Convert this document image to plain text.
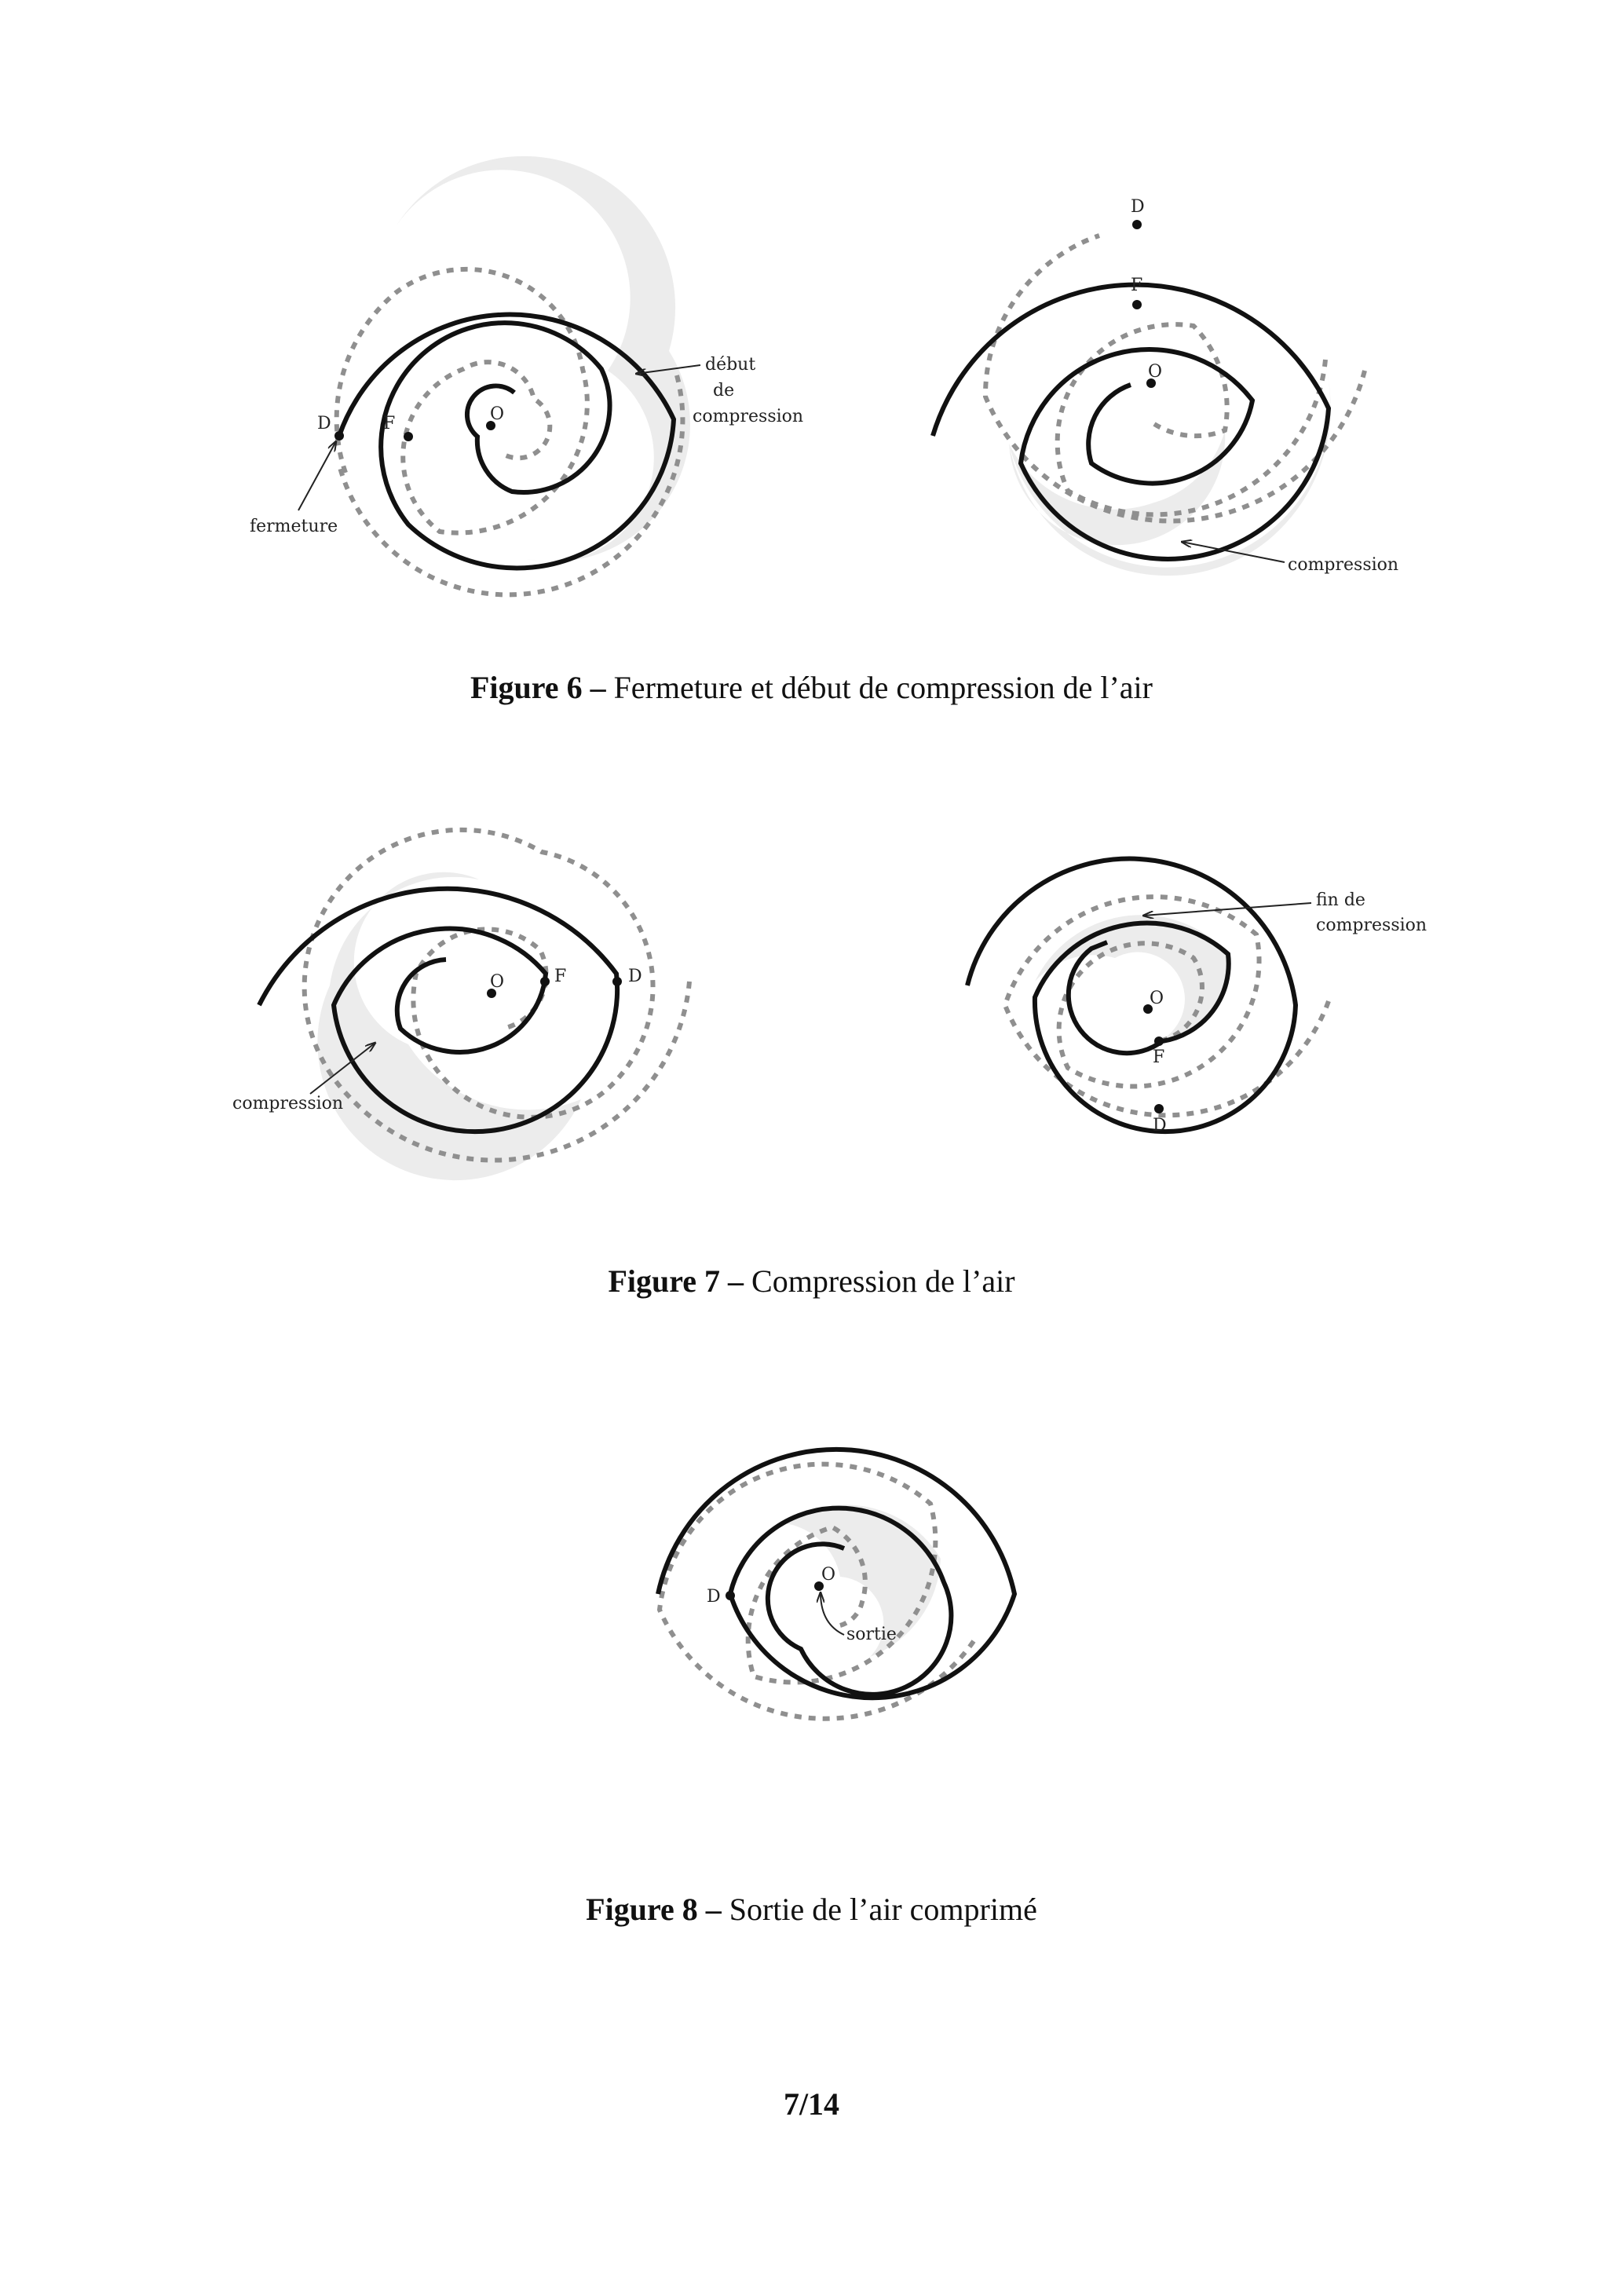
D	F	O
début
de
compression
fermeture
D
F
O
compression
O	F	D
compression
O
F
D
fin de
compression
O
D
sortie
Figure 6 – Fermeture et début de compression de l’air
Figure 7 – Compression de l’air
Figure 8 – Sortie de l’air comprimé
7/14
